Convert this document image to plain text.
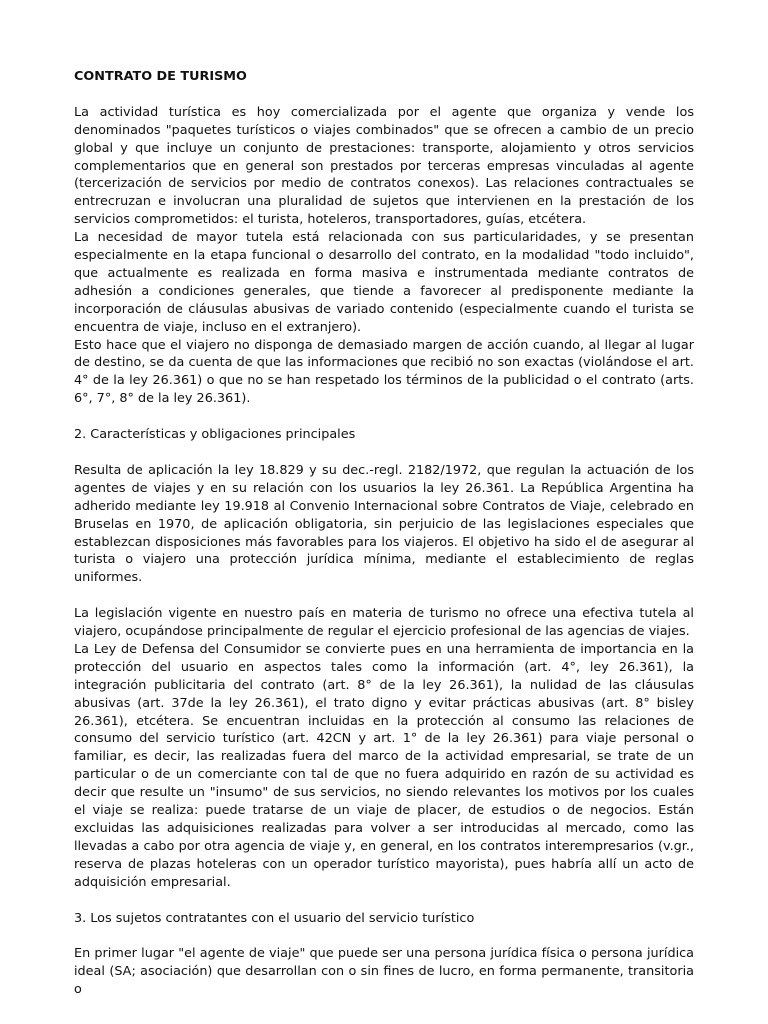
CONTRATO DE TURISMO

La actividad turística es hoy comercializada por el agente que organiza y vende los denominados "paquetes turísticos o viajes combinados" que se ofrecen a cambio de un precio global y que incluye un conjunto de prestaciones: transporte, alojamiento y otros servicios complementarios que en general son prestados por terceras empresas vinculadas al agente (tercerización de servicios por medio de contratos conexos). Las relaciones contractuales se entrecruzan e involucran una pluralidad de sujetos que intervienen en la prestación de los servicios comprometidos: el turista, hoteleros, transportadores, guías, etcétera.

La necesidad de mayor tutela está relacionada con sus particularidades, y se presentan especialmente en la etapa funcional o desarrollo del contrato, en la modalidad "todo incluido", que actualmente es realizada en forma masiva e instrumentada mediante contratos de adhesión a condiciones generales, que tiende a favorecer al predisponente mediante la incorporación de cláusulas abusivas de variado contenido (especialmente cuando el turista se encuentra de viaje, incluso en el extranjero).

Esto hace que el viajero no disponga de demasiado margen de acción cuando, al llegar al lugar de destino, se da cuenta de que las informaciones que recibió no son exactas (violándose el art. 4° de la ley 26.361) o que no se han respetado los términos de la publicidad o el contrato (arts. 6°, 7°, 8° de la ley 26.361).

2. Características y obligaciones principales

Resulta de aplicación la ley 18.829 y su dec.-regl. 2182/1972, que regulan la actuación de los agentes de viajes y en su relación con los usuarios la ley 26.361. La República Argentina ha adherido mediante ley 19.918 al Convenio Internacional sobre Contratos de Viaje, celebrado en Bruselas en 1970, de aplicación obligatoria, sin perjuicio de las legislaciones especiales que establezcan disposiciones más favorables para los viajeros. El objetivo ha sido el de asegurar al turista o viajero una protección jurídica mínima, mediante el establecimiento de reglas uniformes.

La legislación vigente en nuestro país en materia de turismo no ofrece una efectiva tutela al viajero, ocupándose principalmente de regular el ejercicio profesional de las agencias de viajes.

La Ley de Defensa del Consumidor se convierte pues en una herramienta de importancia en la protección del usuario en aspectos tales como la información (art. 4°, ley 26.361), la integración publicitaria del contrato (art. 8° de la ley 26.361), la nulidad de las cláusulas abusivas (art. 37de la ley 26.361), el trato digno y evitar prácticas abusivas (art. 8° bisley 26.361), etcétera. Se encuentran incluidas en la protección al consumo las relaciones de consumo del servicio turístico (art. 42CN y art. 1° de la ley 26.361) para viaje personal o familiar, es decir, las realizadas fuera del marco de la actividad empresarial, se trate de un particular o de un comerciante con tal de que no fuera adquirido en razón de su actividad es decir que resulte un "insumo" de sus servicios, no siendo relevantes los motivos por los cuales el viaje se realiza: puede tratarse de un viaje de placer, de estudios o de negocios. Están excluidas las adquisiciones realizadas para volver a ser introducidas al mercado, como las llevadas a cabo por otra agencia de viaje y, en general, en los contratos interempresarios (v.gr., reserva de plazas hoteleras con un operador turístico mayorista), pues habría allí un acto de adquisición empresarial.

3. Los sujetos contratantes con el usuario del servicio turístico

En primer lugar "el agente de viaje" que puede ser una persona jurídica física o persona jurídica ideal (SA; asociación) que desarrollan con o sin fines de lucro, en forma permanente, transitoria o
